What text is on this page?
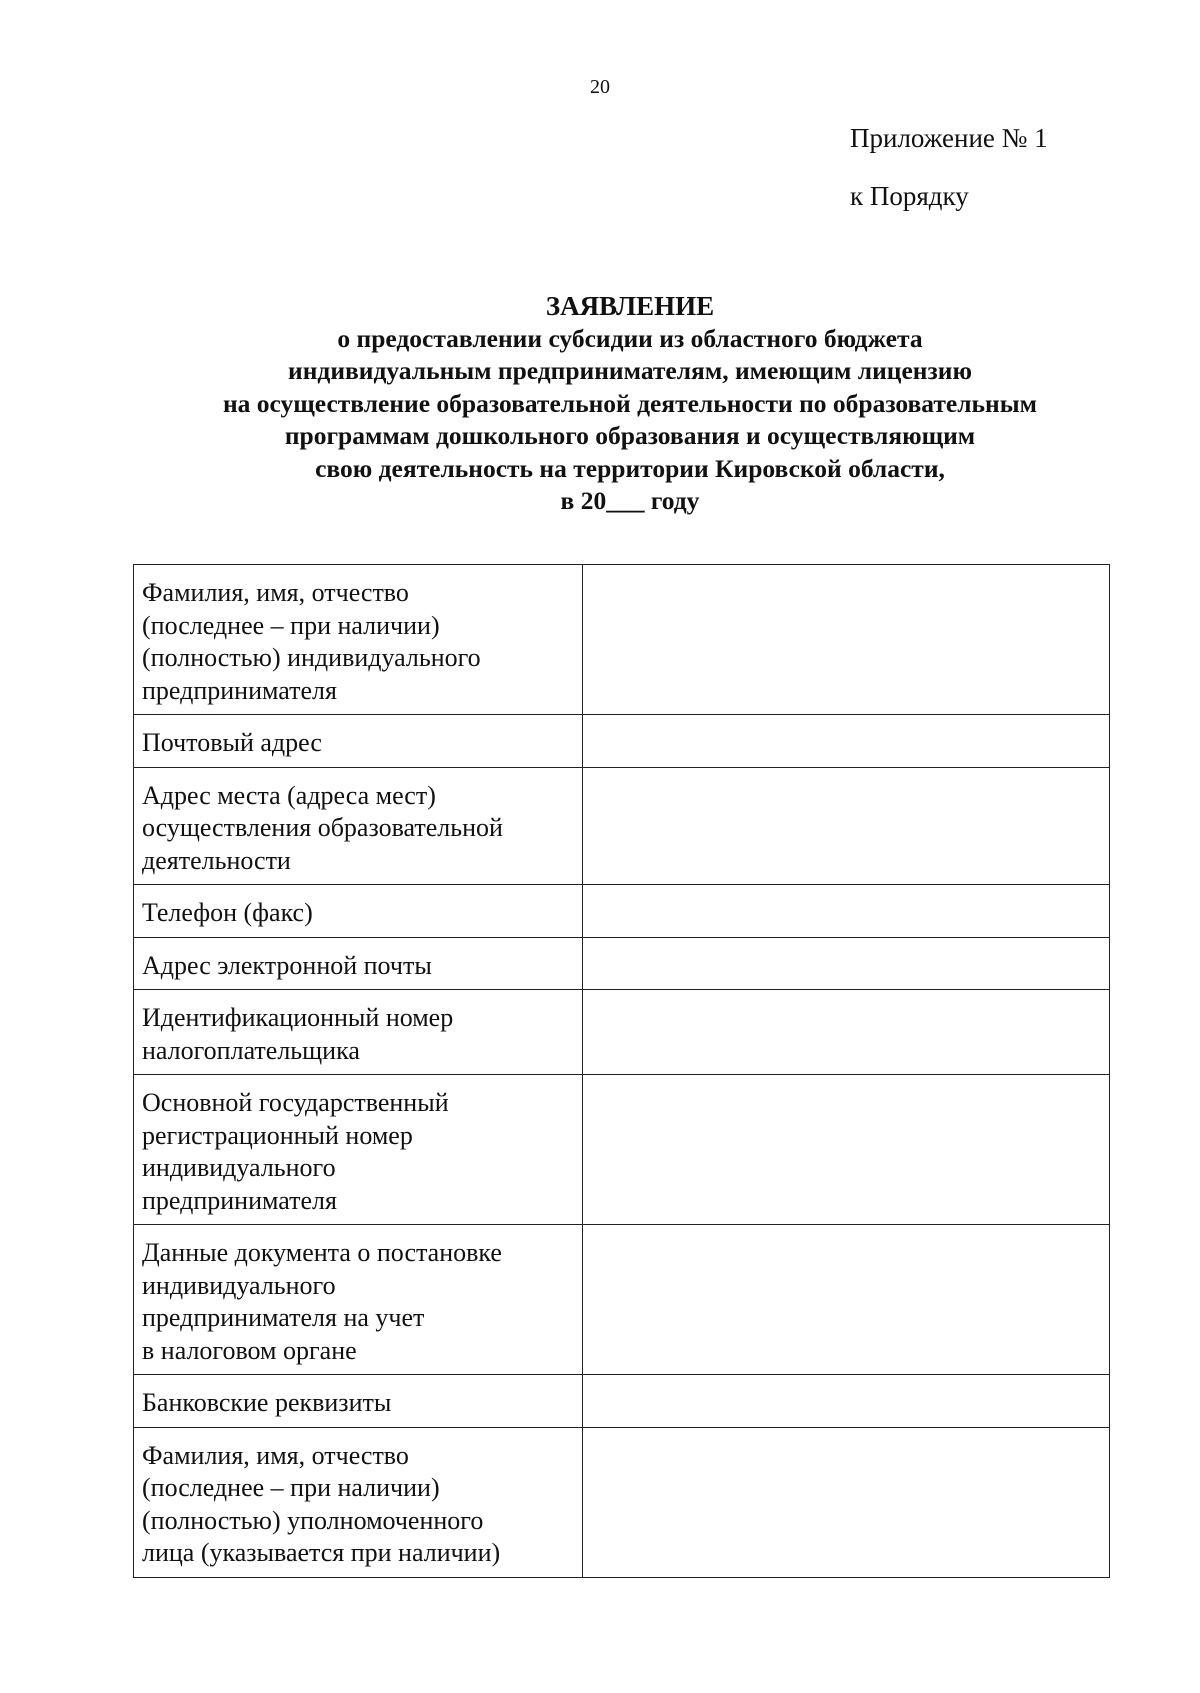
20
Приложение № 1
к Порядку
ЗАЯВЛЕНИЕ
о предоставлении субсидии из областного бюджета
индивидуальным предпринимателям, имеющим лицензию
на осуществление образовательной деятельности по образовательным
программам дошкольного образования и осуществляющим
свою деятельность на территории Кировской области,
в 20___ году
Фамилия, имя, отчество
(последнее – при наличии)
(полностью) индивидуального
предпринимателя	

Почтовый адрес	

Адрес места (адреса мест)
осуществления образовательной
деятельности	

Телефон (факс)	

Адрес электронной почты	

Идентификационный номер
налогоплательщика	

Основной государственный
регистрационный номер
индивидуального
предпринимателя	

Данные документа о постановке
индивидуального
предпринимателя на учет
в налоговом органе	

Банковские реквизиты	

Фамилия, имя, отчество
(последнее – при наличии)
(полностью) уполномоченного
лица (указывается при наличии)	
